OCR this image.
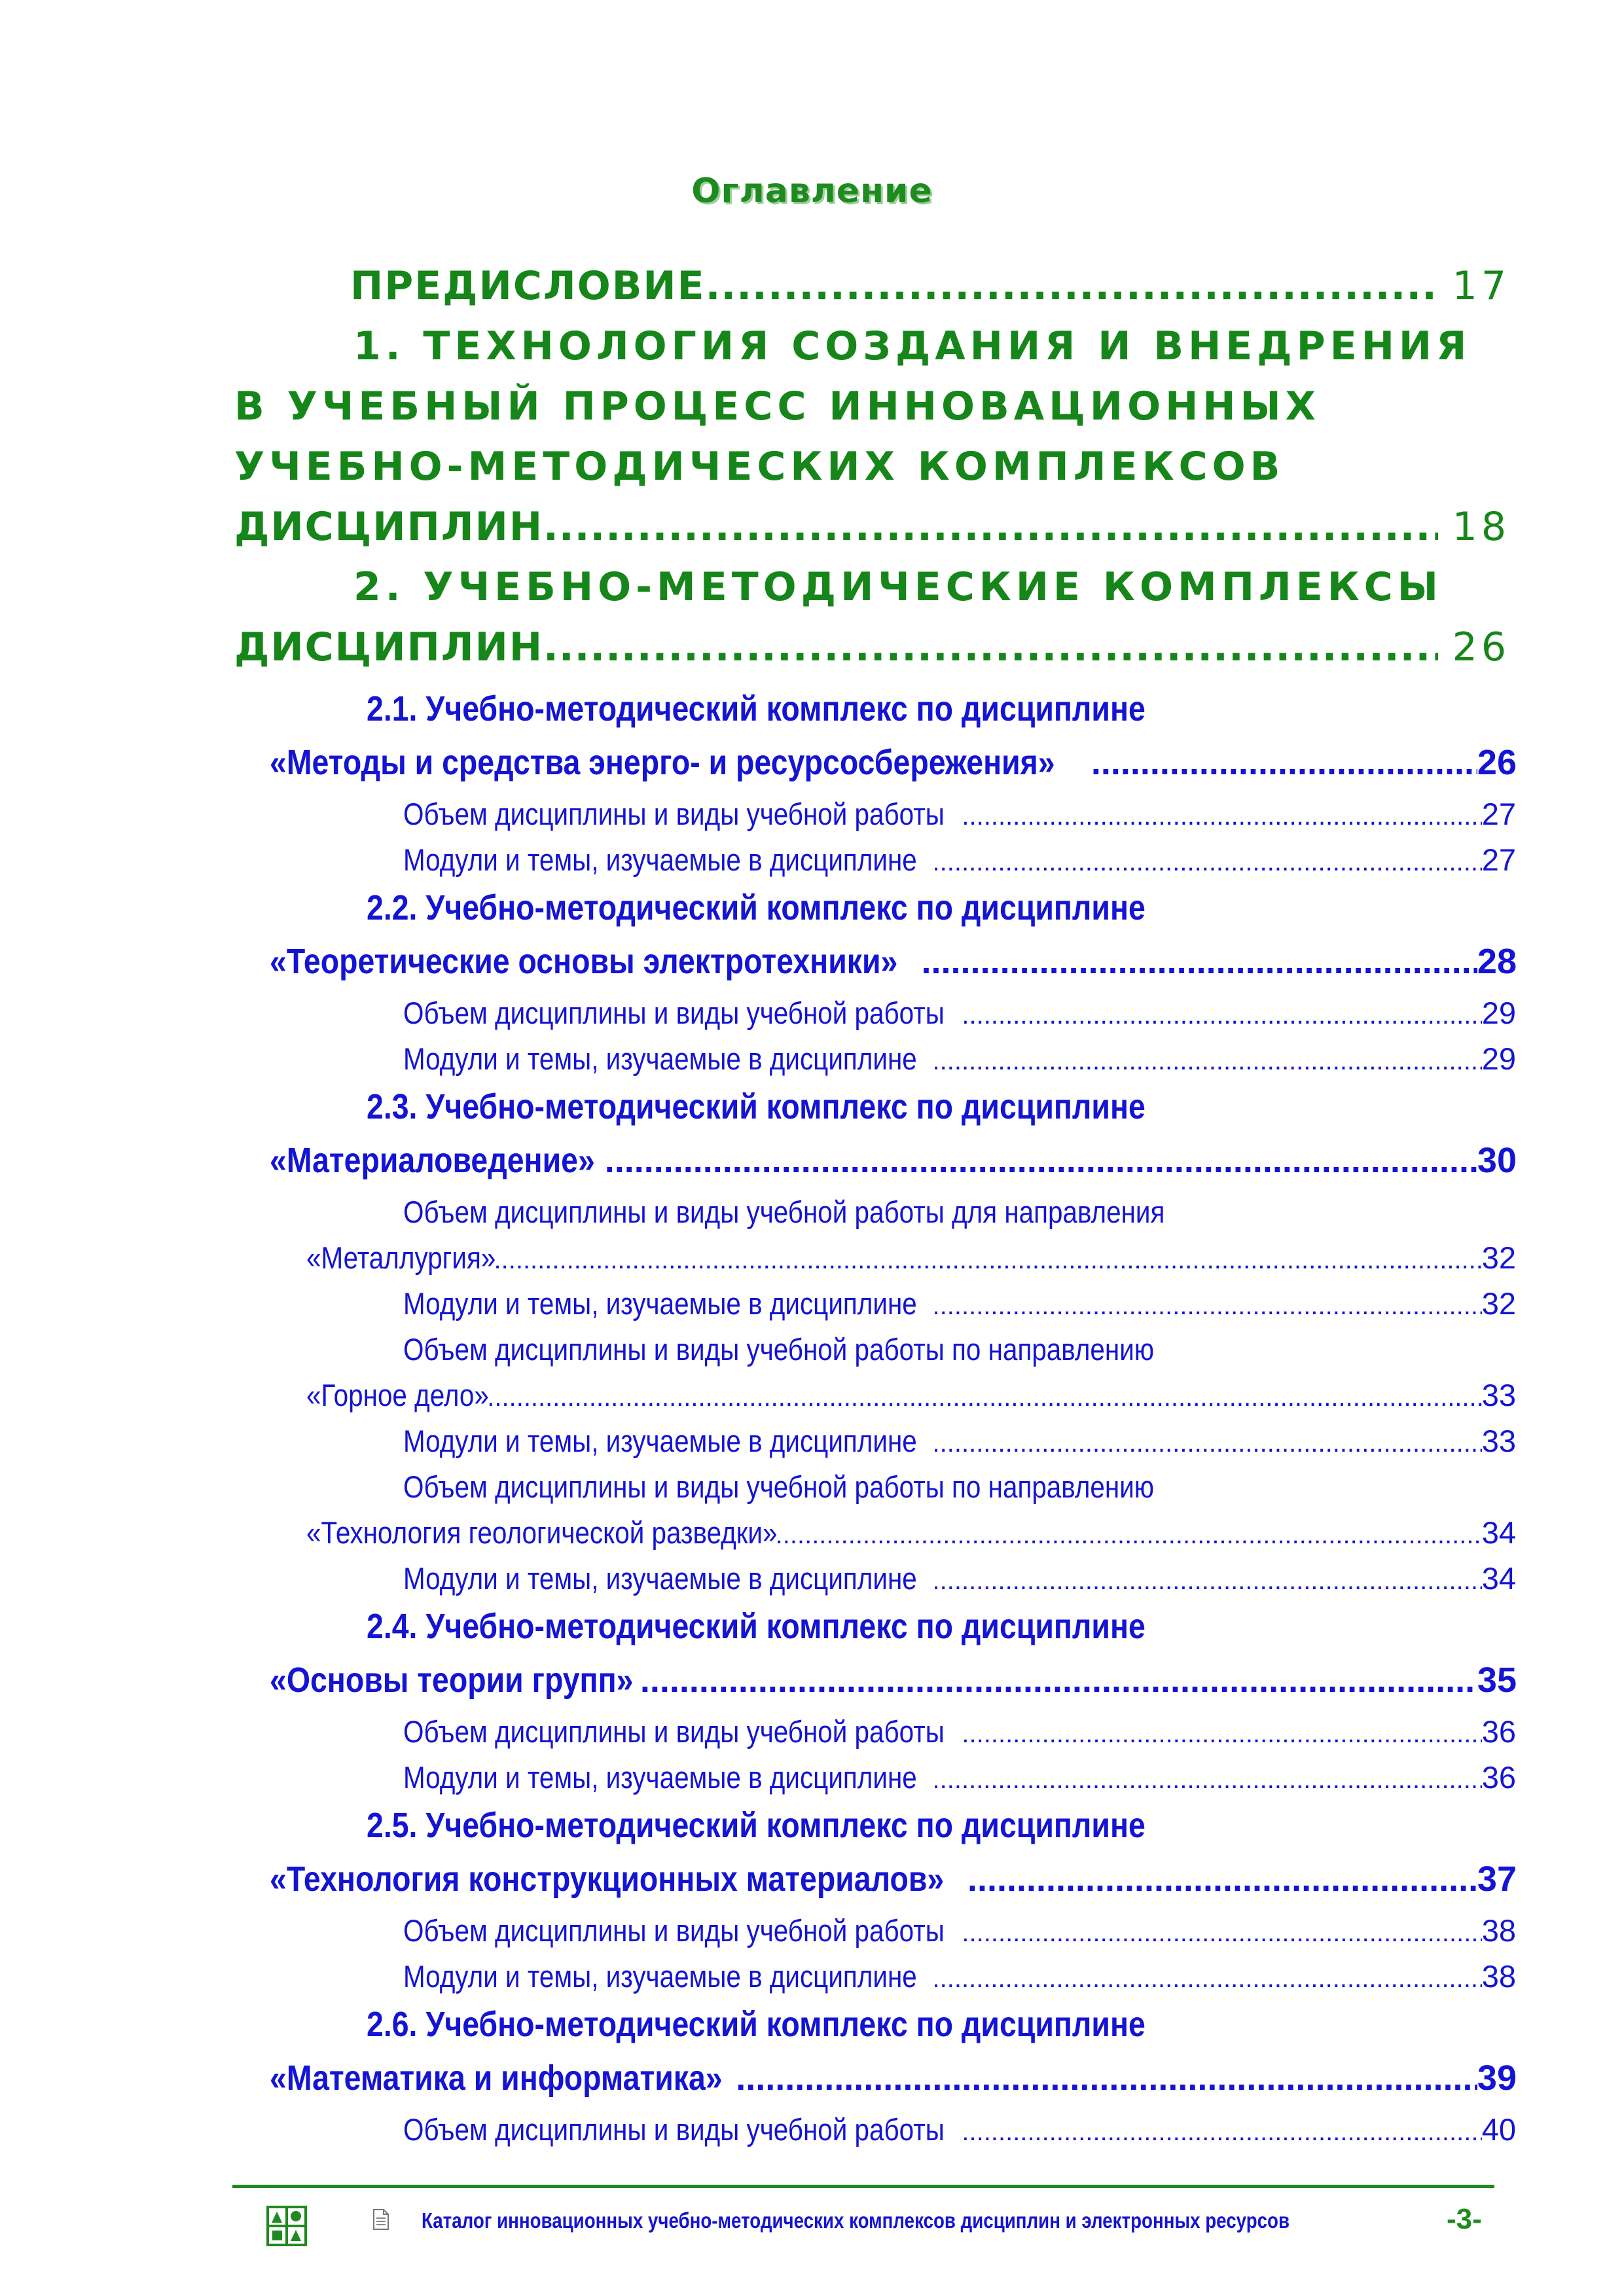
Оглавление
ПРЕДИСЛОВИЕ .....	17
1. ТЕХНОЛОГИЯ СОЗДАНИЯ И ВНЕДРЕНИЯ
В УЧЕБНЫЙ ПРОЦЕСС ИННОВАЦИОННЫХ
УЧЕБНО-МЕТОДИЧЕСКИХ КОМПЛЕКСОВ
ДИСЦИПЛИН .....	18
2. УЧЕБНО-МЕТОДИЧЕСКИЕ КОМПЛЕКСЫ
ДИСЦИПЛИН .....	26
2.1. Учебно-методический комплекс по дисциплине
«Методы и средства энерго- и ресурсосбережения» .....	26
Объем дисциплины и виды учебной работы .....	27
Модули и темы, изучаемые в дисциплине .....	27
2.2. Учебно-методический комплекс по дисциплине
«Теоретические основы электротехники» .....	28
Объем дисциплины и виды учебной работы .....	29
Модули и темы, изучаемые в дисциплине .....	29
2.3. Учебно-методический комплекс по дисциплине
«Материаловедение» .....	30
Объем дисциплины и виды учебной работы для направления
«Металлургия» .....	32
Модули и темы, изучаемые в дисциплине .....	32
Объем дисциплины и виды учебной работы по направлению
«Горное дело» .....	33
Модули и темы, изучаемые в дисциплине .....	33
Объем дисциплины и виды учебной работы по направлению
«Технология геологической разведки» .....	34
Модули и темы, изучаемые в дисциплине .....	34
2.4. Учебно-методический комплекс по дисциплине
«Основы теории групп» .....	35
Объем дисциплины и виды учебной работы .....	36
Модули и темы, изучаемые в дисциплине .....	36
2.5. Учебно-методический комплекс по дисциплине
«Технология конструкционных материалов» .....	37
Объем дисциплины и виды учебной работы .....	38
Модули и темы, изучаемые в дисциплине .....	38
2.6. Учебно-методический комплекс по дисциплине
«Математика и информатика» .....	39
Объем дисциплины и виды учебной работы .....	40
Каталог инновационных учебно-методических комплексов дисциплин и электронных ресурсов	-3-
